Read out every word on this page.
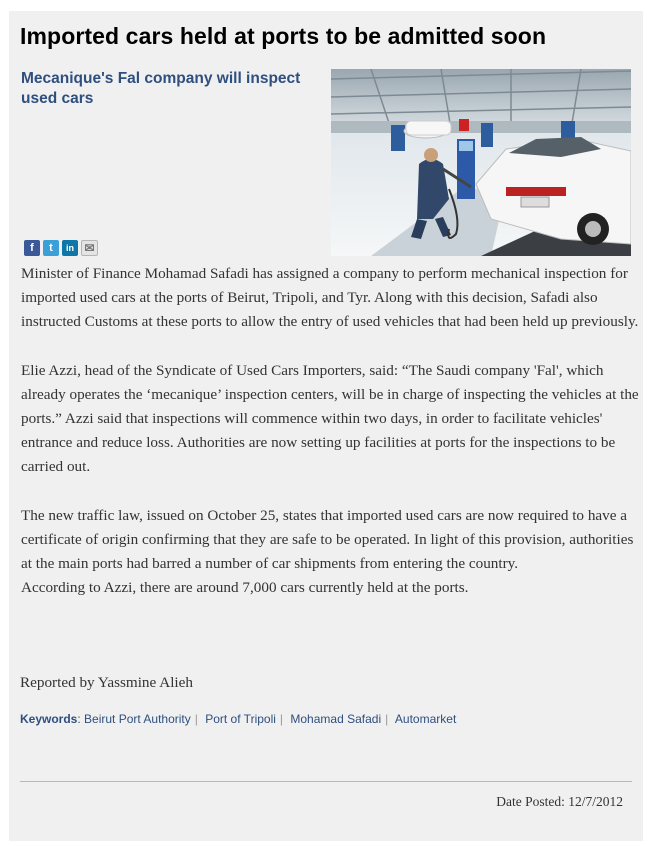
Imported cars held at ports to be admitted soon
Mecanique's Fal company will inspect used cars
f	t	in ✉

Minister of Finance Mohamad Safadi has assigned a company to perform mechanical inspection for imported used cars at the ports of Beirut, Tripoli, and Tyr. Along with this decision, Safadi also instructed Customs at these ports to allow the entry of used vehicles that had been held up previously.

Elie Azzi, head of the Syndicate of Used Cars Importers, said: “The Saudi company 'Fal', which already operates the ‘mecanique’ inspection centers, will be in charge of inspecting the vehicles at the ports.” Azzi said that inspections will commence within two days, in order to facilitate vehicles' entrance and reduce loss. Authorities are now setting up facilities at ports for the inspections to be carried out.

The new traffic law, issued on October 25, states that imported used cars are now required to have a certificate of origin confirming that they are safe to be operated. In light of this provision, authorities at the main ports had barred a number of car shipments from entering the country.

According to Azzi, there are around 7,000 cars currently held at the ports.

Reported by Yassmine Alieh
Keywords: Beirut Port Authority | Port of Tripoli | Mohamad Safadi | Automarket
Date Posted: 12/7/2012
